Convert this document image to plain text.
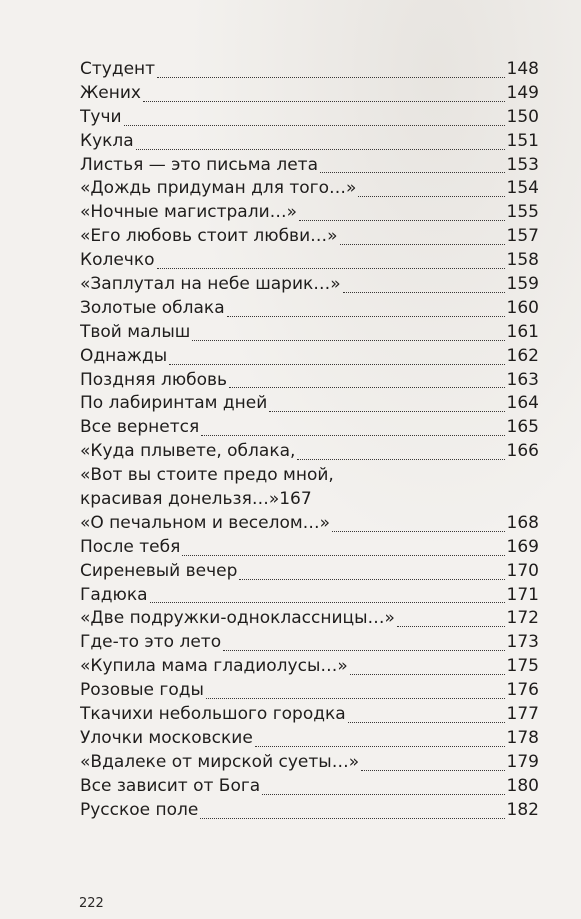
Студент	148
Жених	149
Тучи	150
Кукла	151
Листья — это письма лета	153
«Дождь придуман для того…»	154
«Ночные магистрали…»	155
«Его любовь стоит любви…»	157
Колечко	158
«Заплутал на небе шарик…»	159
Золотые облака	160
Твой малыш	161
Однажды	162
Поздняя любовь	163
По лабиринтам дней	164
Все вернется	165
«Куда плывете, облака,	166
«Вот вы стоите предо мной,
красивая донельзя…» 167
«О печальном и веселом…»	168
После тебя	169
Сиреневый вечер	170
Гадюка	171
«Две подружки-одноклассницы…»	172
Где-то это лето	173
«Купила мама гладиолусы…»	175
Розовые годы	176
Ткачихи небольшого городка	177
Улочки московские	178
«Вдалеке от мирской суеты…»	179
Все зависит от Бога	180
Русское поле	182
222
